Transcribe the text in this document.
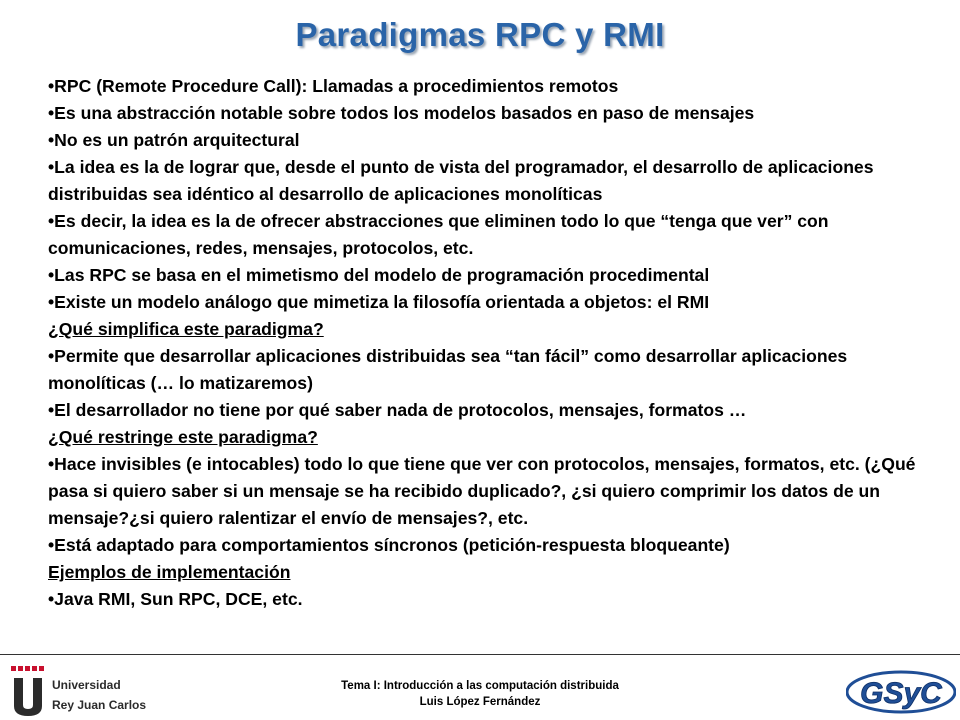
Paradigmas RPC y RMI

•RPC (Remote Procedure Call): Llamadas a procedimientos remotos

•Es una abstracción notable sobre todos los modelos basados en paso de mensajes

•No es un patrón arquitectural

•La idea es la de lograr que, desde el punto de vista del programador, el desarrollo de aplicaciones distribuidas sea idéntico al desarrollo de aplicaciones monolíticas

•Es decir, la idea es la de ofrecer abstracciones que eliminen todo lo que “tenga que ver” con comunicaciones, redes, mensajes, protocolos, etc.

•Las RPC se basa en el mimetismo del modelo de programación procedimental

•Existe un modelo análogo que mimetiza la filosofía orientada a objetos: el RMI

¿Qué simplifica este paradigma?

•Permite que desarrollar aplicaciones distribuidas sea “tan fácil” como desarrollar aplicaciones monolíticas (… lo matizaremos)

•El desarrollador no tiene por qué saber nada de protocolos, mensajes, formatos …

¿Qué restringe este paradigma?

•Hace invisibles (e intocables) todo lo que tiene que ver con protocolos, mensajes, formatos, etc. (¿Qué pasa si quiero saber si un mensaje se ha recibido duplicado?, ¿si quiero comprimir los datos de un mensaje?¿si quiero ralentizar el envío de mensajes?, etc.

•Está adaptado para comportamientos síncronos (petición-respuesta bloqueante)

Ejemplos de implementación

•Java RMI, Sun RPC, DCE, etc.

Universidad
Rey Juan Carlos
Tema I: Introducción a las computación distribuida
Luis López Fernández	GSyC
